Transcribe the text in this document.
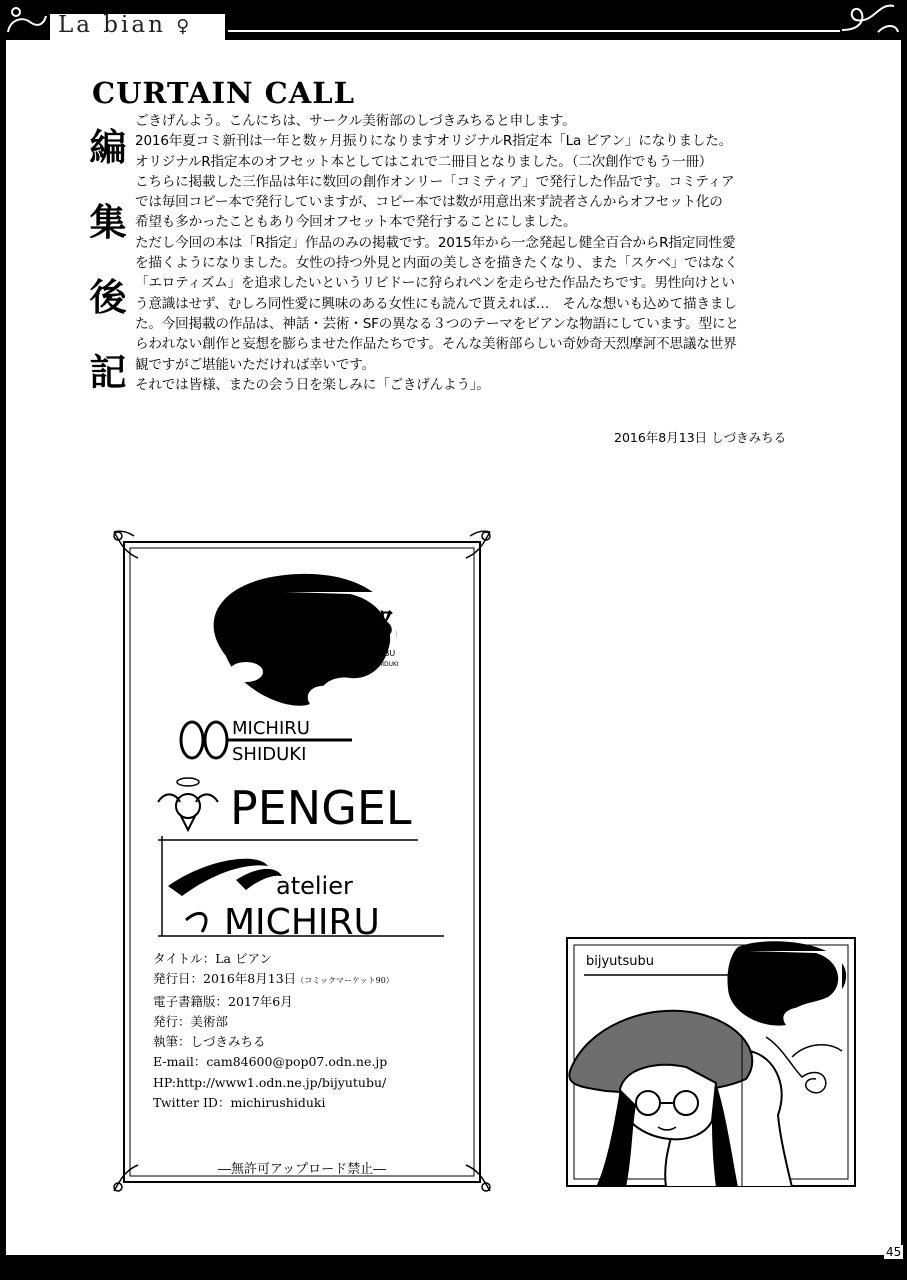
La bian ♀
45
CURTAIN CALL
編
集
後
記

ごきげんよう。こんにちは、サークル美術部のしづきみちると申します。

2016年夏コミ新刊は一年と数ヶ月振りになりますオリジナルR指定本「La ビアン」になりました。

オリジナルR指定本のオフセット本としてはこれで二冊目となりました。（二次創作でもう一冊）

こちらに掲載した三作品は年に数回の創作オンリー「コミティア」で発行した作品です。コミティア

では毎回コピー本で発行していますが、コピー本では数が用意出来ず読者さんからオフセット化の

希望も多かったこともあり今回オフセット本で発行することにしました。

ただし今回の本は「R指定」作品のみの掲載です。2015年から一念発起し健全百合からR指定同性愛

を描くようになりました。女性の持つ外見と内面の美しさを描きたくなり、また「スケベ」ではなく

「エロティズム」を追求したいというリビドーに狩られペンを走らせた作品たちです。男性向けとい

う意識はせず、むしろ同性愛に興味のある女性にも読んで貰えれば…　そんな想いも込めて描きまし

た。今回掲載の作品は、神話・芸術・SFの異なる３つのテーマをビアンな物語にしています。型にと

らわれない創作と妄想を膨らませた作品たちです。そんな美術部らしい奇妙奇天烈摩訶不思議な世界

観ですがご堪能いただければ幸いです。

それでは皆様、またの会う日を楽しみに「ごきげんよう」。

2016年8月13日 しづきみちる
美術部
BIJUTSUBU
MICHIRU SHIDUKI
MICHIRU
SHIDUKI
PENGEL
atelier
MICHIRU
タイトル：La ビアン
発行日：2016年8月13日（コミックマーケット90）
電子書籍版：2017年6月
発行：美術部
執筆：しづきみちる
E-mail：cam84600@pop07.odn.ne.jp
HP:http://www1.odn.ne.jp/bijyutubu/
Twitter ID：michirushiduki
―無許可アップロード禁止―
bijyutsubu	美術部
